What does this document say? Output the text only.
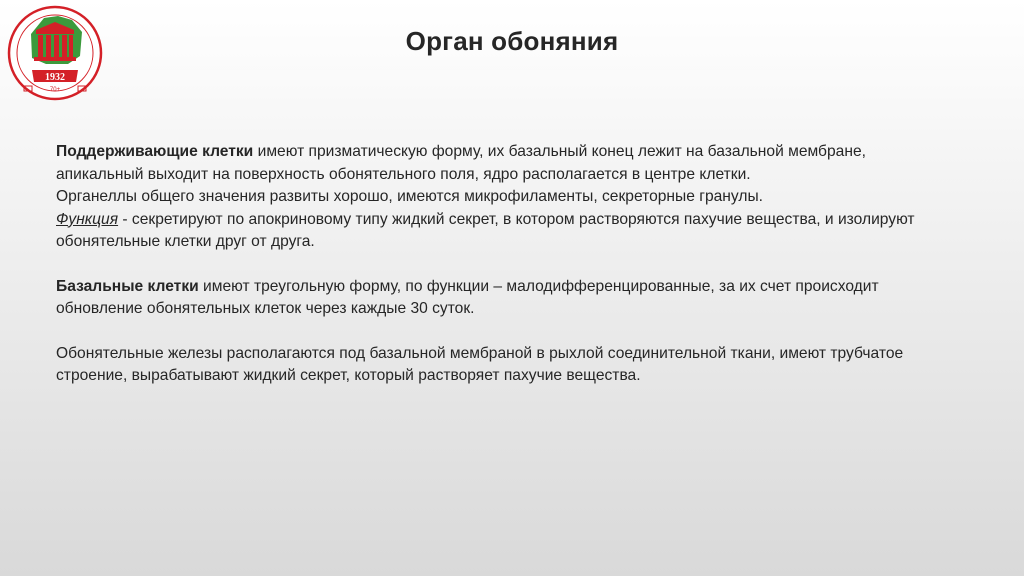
1932
70+
Орган обоняния

Поддерживающие клетки имеют призматическую форму, их базальный конец лежит на базальной мембране,
апикальный выходит на поверхность обонятельного поля, ядро располагается в центре клетки.
Органеллы общего значения развиты хорошо, имеются микрофиламенты, секреторные гранулы.
Функция - секретируют по апокриновому типу жидкий секрет, в котором растворяются пахучие вещества, и изолируют
обонятельные клетки друг от друга.

Базальные клетки имеют треугольную форму, по функции – малодифференцированные, за их счет происходит
обновление обонятельных клеток через каждые 30 суток.

Обонятельные железы располагаются под базальной мембраной в рыхлой соединительной ткани, имеют трубчатое
строение, вырабатывают жидкий секрет, который растворяет пахучие вещества.
